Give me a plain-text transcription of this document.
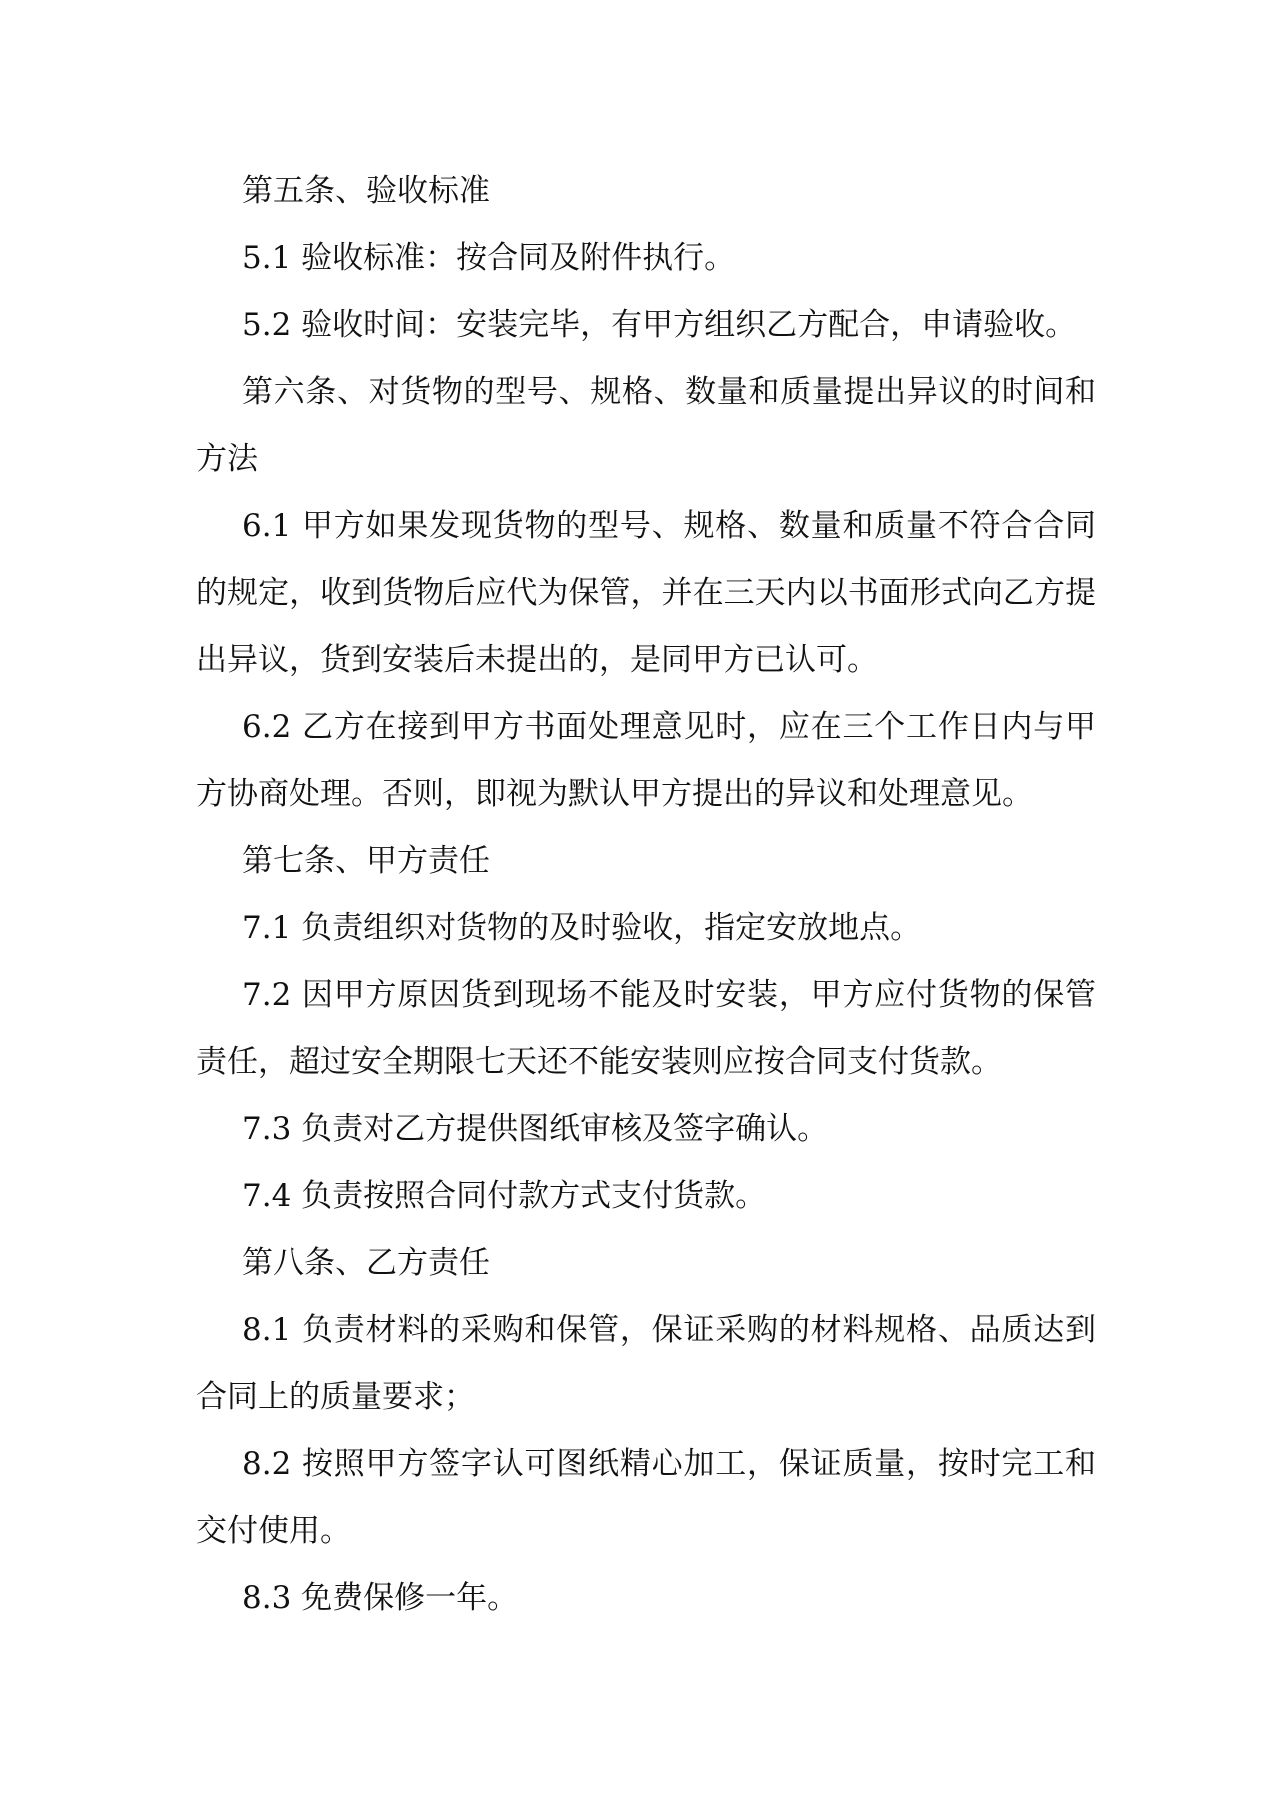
第五条、验收标准

5.1 验收标准：按合同及附件执行。

5.2 验收时间：安装完毕，有甲方组织乙方配合，申请验收。

第六条、对货物的型号、规格、数量和质量提出异议的时间和方法

6.1 甲方如果发现货物的型号、规格、数量和质量不符合合同的规定，收到货物后应代为保管，并在三天内以书面形式向乙方提出异议，货到安装后未提出的，是同甲方已认可。

6.2 乙方在接到甲方书面处理意见时，应在三个工作日内与甲方协商处理。否则，即视为默认甲方提出的异议和处理意见。

第七条、甲方责任

7.1 负责组织对货物的及时验收，指定安放地点。

7.2 因甲方原因货到现场不能及时安装，甲方应付货物的保管责任，超过安全期限七天还不能安装则应按合同支付货款。

7.3 负责对乙方提供图纸审核及签字确认。

7.4 负责按照合同付款方式支付货款。

第八条、乙方责任

8.1 负责材料的采购和保管，保证采购的材料规格、品质达到合同上的质量要求；

8.2 按照甲方签字认可图纸精心加工，保证质量，按时完工和交付使用。

8.3 免费保修一年。
